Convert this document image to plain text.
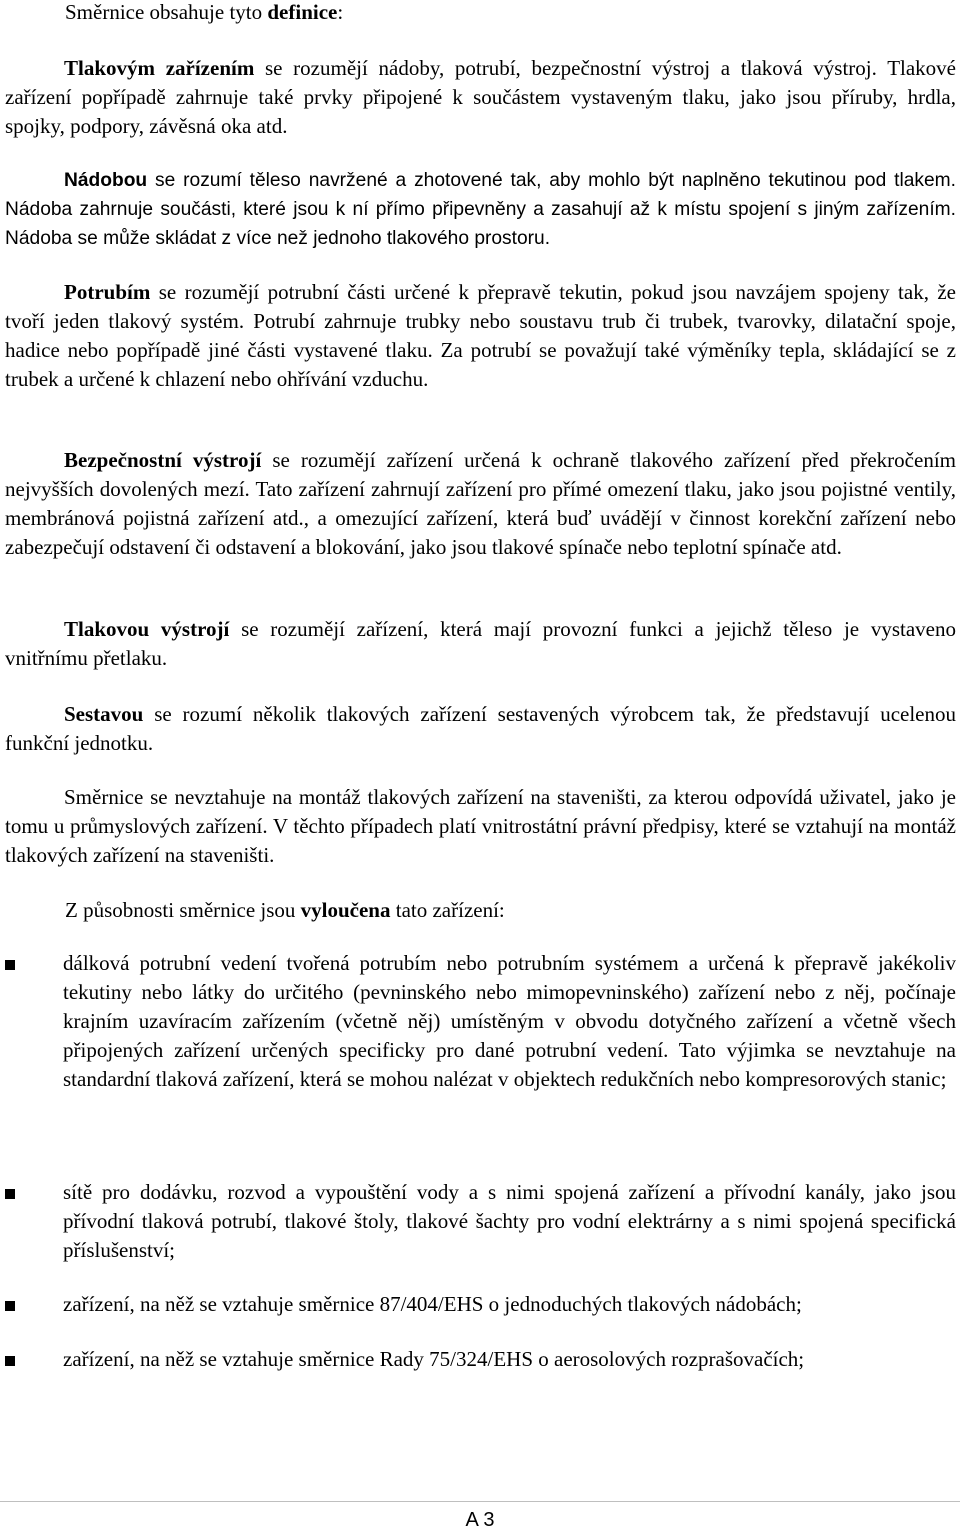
Směrnice obsahuje tyto definice:

Tlakovým zařízením se rozumějí nádoby, potrubí, bezpečnostní výstroj a tlaková výstroj. Tlakové zařízení popřípadě zahrnuje také prvky připojené k součástem vystaveným tlaku, jako jsou příruby, hrdla, spojky, podpory, závěsná oka atd.

Nádobou se rozumí těleso navržené a zhotovené tak, aby mohlo být naplněno tekutinou pod tlakem. Nádoba zahrnuje součásti, které jsou k ní přímo připevněny a zasahují až k místu spojení s jiným zařízením. Nádoba se může skládat z více než jednoho tlakového prostoru.

Potrubím se rozumějí potrubní části určené k přepravě tekutin, pokud jsou navzájem spojeny tak, že tvoří jeden tlakový systém. Potrubí zahrnuje trubky nebo soustavu trub či trubek, tvarovky, dilatační spoje, hadice nebo popřípadě jiné části vystavené tlaku. Za potrubí se považují také výměníky tepla, skládající se z trubek a určené k chlazení nebo ohřívání vzduchu.

Bezpečnostní výstrojí se rozumějí zařízení určená k ochraně tlakového zařízení před překročením nejvyšších dovolených mezí. Tato zařízení zahrnují zařízení pro přímé omezení tlaku, jako jsou pojistné ventily, membránová pojistná zařízení atd., a omezující zařízení, která buď uvádějí v činnost korekční zařízení nebo zabezpečují odstavení či odstavení a blokování, jako jsou tlakové spínače nebo teplotní spínače atd.

Tlakovou výstrojí se rozumějí zařízení, která mají provozní funkci a jejichž těleso je vystaveno vnitřnímu přetlaku.

Sestavou se rozumí několik tlakových zařízení sestavených výrobcem tak, že představují ucelenou funkční jednotku.

Směrnice se nevztahuje na montáž tlakových zařízení na staveništi, za kterou odpovídá uživatel, jako je tomu u průmyslových zařízení. V těchto případech platí vnitrostátní právní předpisy, které se vztahují na montáž tlakových zařízení na staveništi.

Z působnosti směrnice jsou vyloučena tato zařízení:
dálková potrubní vedení tvořená potrubím nebo potrubním systémem a určená k přepravě jakékoliv tekutiny nebo látky do určitého (pevninského nebo mimopevninského) zařízení nebo z něj, počínaje krajním uzavíracím zařízením (včetně něj) umístěným v obvodu dotyčného zařízení a včetně všech připojených zařízení určených specificky pro dané potrubní vedení. Tato výjimka se nevztahuje na standardní tlaková zařízení, která se mohou nalézat v objektech redukčních nebo kompresorových stanic;
sítě pro dodávku, rozvod a vypouštění vody a s nimi spojená zařízení a přívodní kanály, jako jsou přívodní tlaková potrubí, tlakové štoly, tlakové šachty pro vodní elektrárny a s nimi spojená specifická příslušenství;
zařízení, na něž se vztahuje směrnice 87/404/EHS o jednoduchých tlakových nádobách;
zařízení, na něž se vztahuje směrnice Rady 75/324/EHS o aerosolových rozprašovačích;
A 3
